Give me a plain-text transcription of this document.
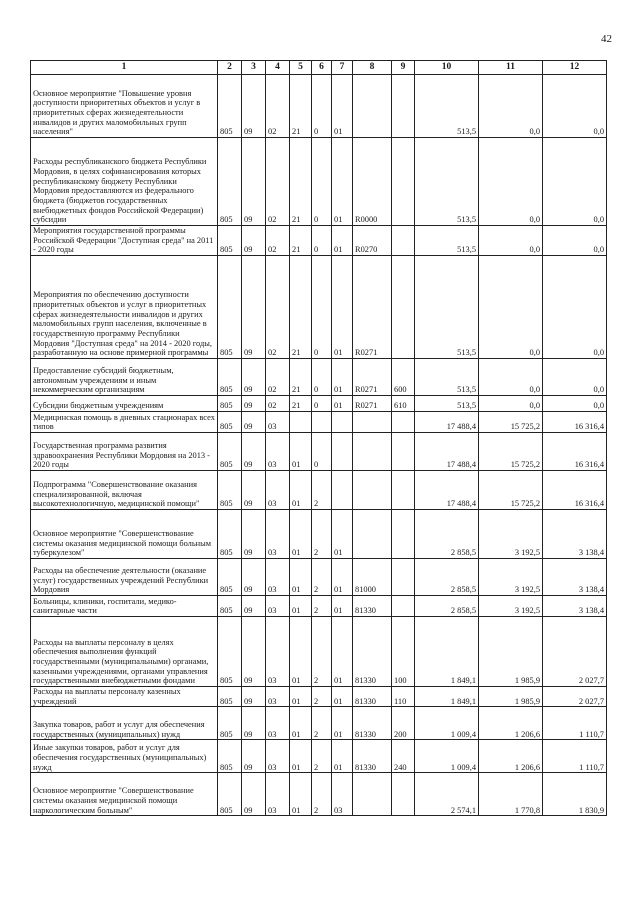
42
1	2	3	4	5	6	7	8	9	10	11	12
Основное мероприятие "Повышение уровня доступности приоритетных объектов и услуг в приоритетных сферах жизнедеятельности инвалидов и других маломобильных групп населения"	805	09	02	21	0	01			513,5	0,0	0,0
Расходы республиканского бюджета Республики Мордовия, в целях софинансирования которых республиканскому бюджету Республики Мордовия предоставляются из федерального бюджета (бюджетов государственных внебюджетных фондов Российской Федерации) субсидии	805	09	02	21	0	01	R0000		513,5	0,0	0,0
Мероприятия государственной программы Российской Федерации "Доступная среда" на 2011 - 2020 годы	805	09	02	21	0	01	R0270		513,5	0,0	0,0
Мероприятия по обеспечению доступности приоритетных объектов и услуг в приоритетных сферах жизнедеятельности инвалидов и других маломобильных групп населения, включенные в государственную программу Республики Мордовия "Доступная среда" на 2014 - 2020 годы, разработанную на основе примерной программы	805	09	02	21	0	01	R0271		513,5	0,0	0,0
Предоставление субсидий бюджетным, автономным учреждениям и иным некоммерческим организациям	805	09	02	21	0	01	R0271	600	513,5	0,0	0,0
Субсидии бюджетным учреждениям	805	09	02	21	0	01	R0271	610	513,5	0,0	0,0
Медицинская помощь в дневных стационарах всех типов	805	09	03						17 488,4	15 725,2	16 316,4
Государственная программа развития здравоохранения Республики Мордовия на 2013 - 2020 годы	805	09	03	01	0				17 488,4	15 725,2	16 316,4
Подпрограмма "Совершенствование оказания специализированной, включая высокотехнологичную, медицинской помощи"	805	09	03	01	2				17 488,4	15 725,2	16 316,4
Основное мероприятие "Совершенствование системы оказания медицинской помощи больным туберкулезом"	805	09	03	01	2	01			2 858,5	3 192,5	3 138,4
Расходы на обеспечение деятельности (оказание услуг) государственных учреждений Республики Мордовия	805	09	03	01	2	01	81000		2 858,5	3 192,5	3 138,4
Больницы, клиники, госпитали, медико-санитарные части	805	09	03	01	2	01	81330		2 858,5	3 192,5	3 138,4
Расходы на выплаты персоналу в целях обеспечения выполнения функций государственными (муниципальными) органами, казенными учреждениями, органами управления государственными внебюджетными фондами	805	09	03	01	2	01	81330	100	1 849,1	1 985,9	2 027,7
Расходы на выплаты персоналу казенных учреждений	805	09	03	01	2	01	81330	110	1 849,1	1 985,9	2 027,7
Закупка товаров, работ и услуг для обеспечения государственных (муниципальных) нужд	805	09	03	01	2	01	81330	200	1 009,4	1 206,6	1 110,7
Иные закупки товаров, работ и услуг для обеспечения государственных (муниципальных) нужд	805	09	03	01	2	01	81330	240	1 009,4	1 206,6	1 110,7
Основное мероприятие "Совершенствование системы оказания медицинской помощи наркологическим больным"	805	09	03	01	2	03			2 574,1	1 770,8	1 830,9
